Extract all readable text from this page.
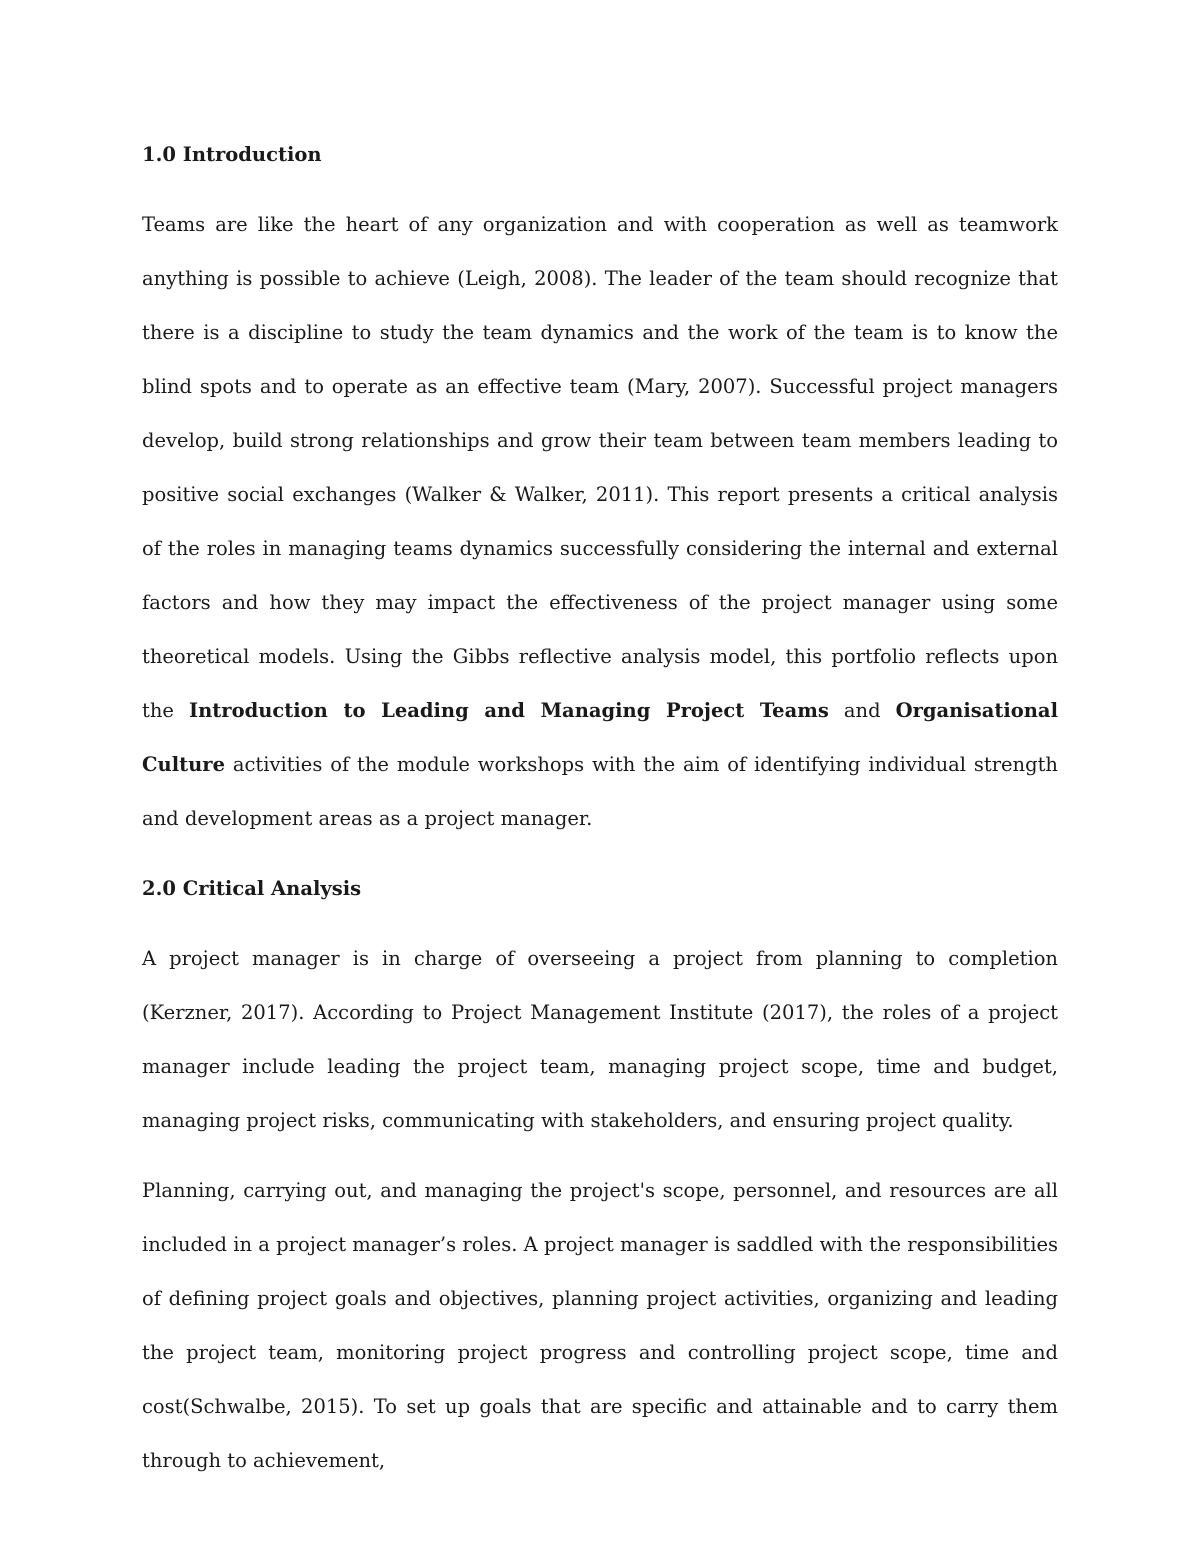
1.0 Introduction

Teams are like the heart of any organization and with cooperation as well as teamwork anything is possible to achieve (Leigh, 2008). The leader of the team should recognize that there is a discipline to study the team dynamics and the work of the team is to know the blind spots and to operate as an effective team (Mary, 2007). Successful project managers develop, build strong relationships and grow their team between team members leading to positive social exchanges (Walker & Walker, 2011). This report presents a critical analysis of the roles in managing teams dynamics successfully considering the internal and external factors and how they may impact the effectiveness of the project manager using some theoretical models. Using the Gibbs reflective analysis model, this portfolio reflects upon the Introduction to Leading and Managing Project Teams and Organisational Culture activities of the module workshops with the aim of identifying individual strength and development areas as a project manager.

2.0 Critical Analysis

A project manager is in charge of overseeing a project from planning to completion (Kerzner, 2017). According to Project Management Institute (2017), the roles of a project manager include leading the project team, managing project scope, time and budget, managing project risks, communicating with stakeholders, and ensuring project quality.

Planning, carrying out, and managing the project's scope, personnel, and resources are all included in a project manager’s roles. A project manager is saddled with the responsibilities of defining project goals and objectives, planning project activities, organizing and leading the project team, monitoring project progress and controlling project scope, time and cost(Schwalbe, 2015). To set up goals that are specific and attainable and to carry them through to achievement,
